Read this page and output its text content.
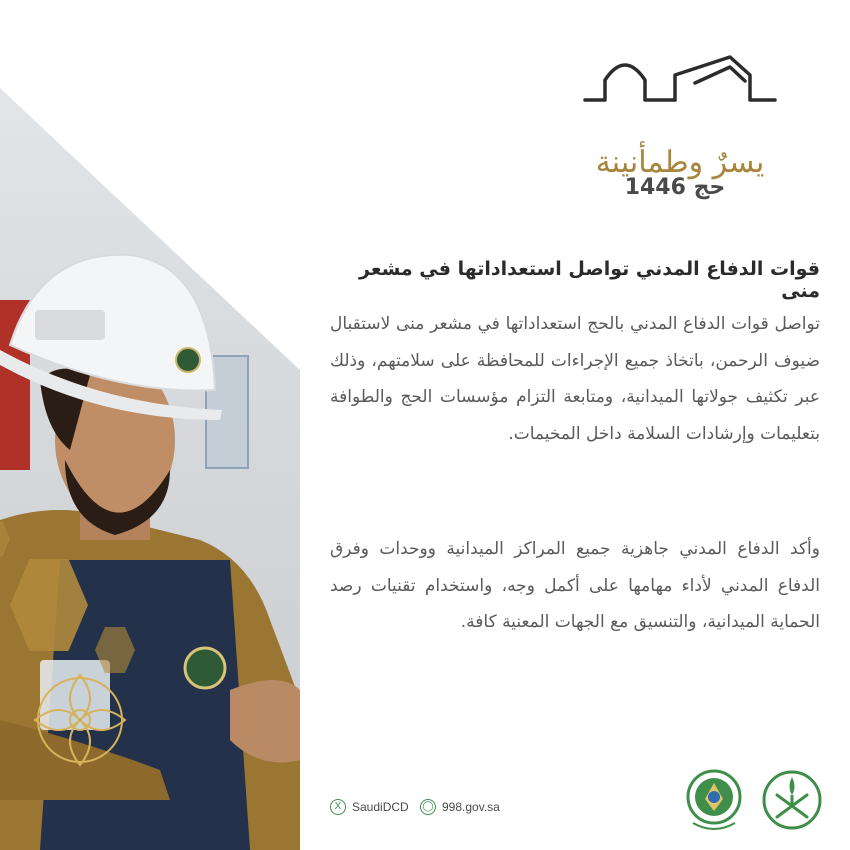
يسرٌ وطمأنينة
حج 1446
قوات الدفاع المدني تواصل استعداداتها في مشعر منى
تواصل قوات الدفاع المدني بالحج استعداداتها في مشعر منى لاستقبال ضيوف الرحمن، باتخاذ جميع الإجراءات للمحافظة على سلامتهم، وذلك عبر تكثيف جولاتها الميدانية، ومتابعة التزام مؤسسات الحج والطوافة بتعليمات وإرشادات السلامة داخل المخيمات.
وأكد الدفاع المدني جاهزية جميع المراكز الميدانية ووحدات وفرق الدفاع المدني لأداء مهامها على أكمل وجه، واستخدام تقنيات رصد الحماية الميدانية، والتنسيق مع الجهات المعنية كافة.
X SaudiDCD ◯ 998.gov.sa
